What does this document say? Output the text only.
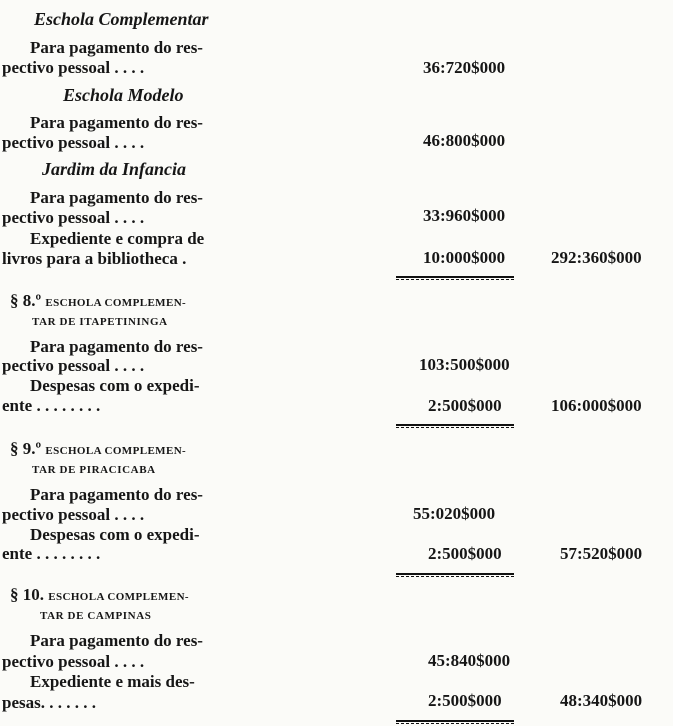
Eschola Complementar
Para pagamento do res-
pectivo pessoal . . . .	36:720$000
Eschola Modelo
Para pagamento do res-
pectivo pessoal . . . .	46:800$000
Jardim da Infancia
Para pagamento do res-
pectivo pessoal . . . .	33:960$000
Expediente e compra de
livros para a bibliotheca .	10:000$000	292:360$000
§ 8.º ESCHOLA COMPLEMEN-
TAR DE ITAPETININGA
Para pagamento do res-
pectivo pessoal . . . .	103:500$000
Despesas com o expedi-
ente . . . . . . . .	2:500$000	106:000$000
§ 9.º ESCHOLA COMPLEMEN-
TAR DE PIRACICABA
Para pagamento do res-
pectivo pessoal . . . .	55:020$000
Despesas com o expedi-
ente . . . . . . . .	2:500$000	57:520$000
§ 10. ESCHOLA COMPLEMEN-
TAR DE CAMPINAS
Para pagamento do res-
pectivo pessoal . . . .	45:840$000
Expediente e mais des-
pesas. . . . . . .	2:500$000	48:340$000
